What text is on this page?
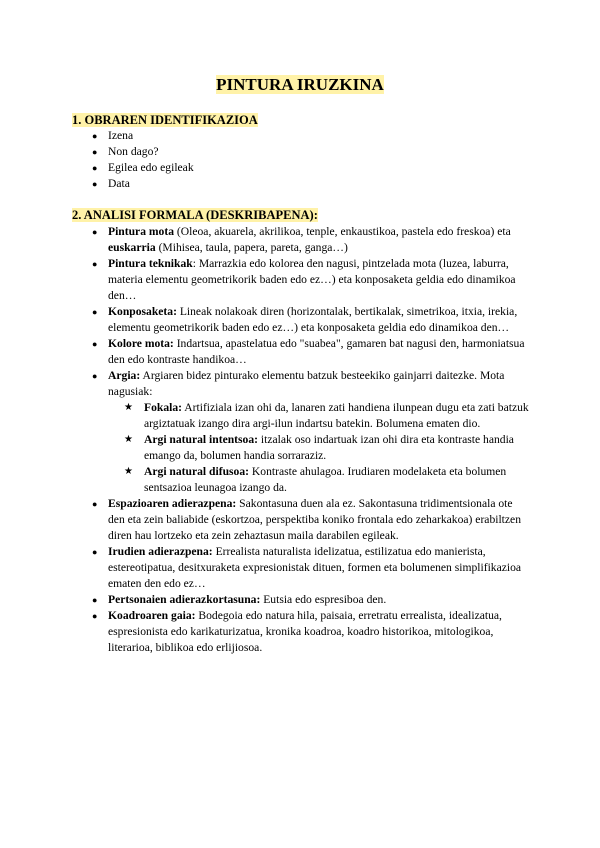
PINTURA IRUZKINA
1. OBRAREN IDENTIFIKAZIOA
● Izena
● Non dago?
● Egilea edo egileak
● Data
2. ANALISI FORMALA (DESKRIBAPENA):
● Pintura mota (Oleoa, akuarela, akrilikoa, tenple, enkaustikoa, pastela edo freskoa) eta euskarria (Mihisea, taula, papera, pareta, ganga…)
● Pintura teknikak: Marrazkia edo kolorea den nagusi, pintzelada mota (luzea, laburra, materia elementu geometrikorik baden edo ez…) eta konposaketa geldia edo dinamikoa den…
● Konposaketa: Lineak nolakoak diren (horizontalak, bertikalak, simetrikoa, itxia, irekia, elementu geometrikorik baden edo ez…) eta konposaketa geldia edo dinamikoa den…
● Kolore mota: Indartsua, apastelatua edo "suabea", gamaren bat nagusi den, harmoniatsua den edo kontraste handikoa…
● Argia: Argiaren bidez pinturako elementu batzuk besteekiko gainjarri daitezke. Mota nagusiak:
★ Fokala: Artifiziala izan ohi da, lanaren zati handiena ilunpean dugu eta zati batzuk argiztatuak izango dira argi-ilun indartsu batekin. Bolumena ematen dio.
★ Argi natural intentsoa: itzalak oso indartuak izan ohi dira eta kontraste handia emango da, bolumen handia sorraraziz.
★ Argi natural difusoa: Kontraste ahulagoa. Irudiaren modelaketa eta bolumen sentsazioa leunagoa izango da.
● Espazioaren adierazpena: Sakontasuna duen ala ez. Sakontasuna tridimentsionala ote den eta zein baliabide (eskortzoa, perspektiba koniko frontala edo zeharkakoa) erabiltzen diren hau lortzeko eta zein zehaztasun maila darabilen egileak.
● Irudien adierazpena: Errealista naturalista idelizatua, estilizatua edo manierista, estereotipatua, desitxuraketa expresionistak dituen, formen eta bolumenen simplifikazioa ematen den edo ez…
● Pertsonaien adierazkortasuna: Eutsia edo espresiboa den.
● Koadroaren gaia: Bodegoia edo natura hila, paisaia, erretratu errealista, idealizatua, espresionista edo karikaturizatua, kronika koadroa, koadro historikoa, mitologikoa, literarioa, biblikoa edo erlijiosoa.
